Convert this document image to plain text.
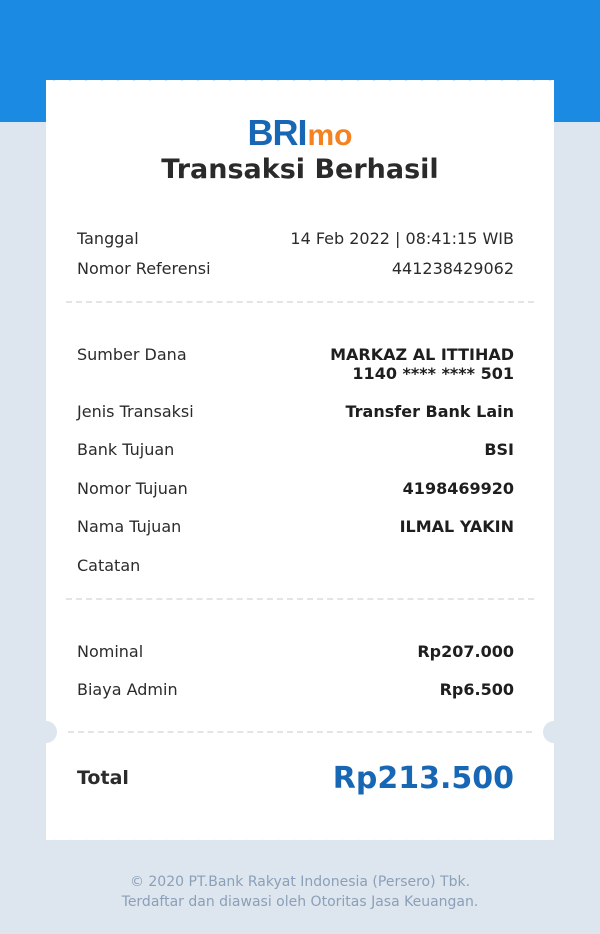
BRImo
Transaksi Berhasil
Tanggal	14 Feb 2022 | 08:41:15 WIB
Nomor Referensi	441238429062
Sumber Dana	MARKAZ AL ITTIHAD
1140 **** **** 501
Jenis Transaksi	Transfer Bank Lain
Bank Tujuan	BSI
Nomor Tujuan	4198469920
Nama Tujuan	ILMAL YAKIN
Catatan
Nominal	Rp207.000
Biaya Admin	Rp6.500
Total	Rp213.500
© 2020 PT.Bank Rakyat Indonesia (Persero) Tbk.
Terdaftar dan diawasi oleh Otoritas Jasa Keuangan.
